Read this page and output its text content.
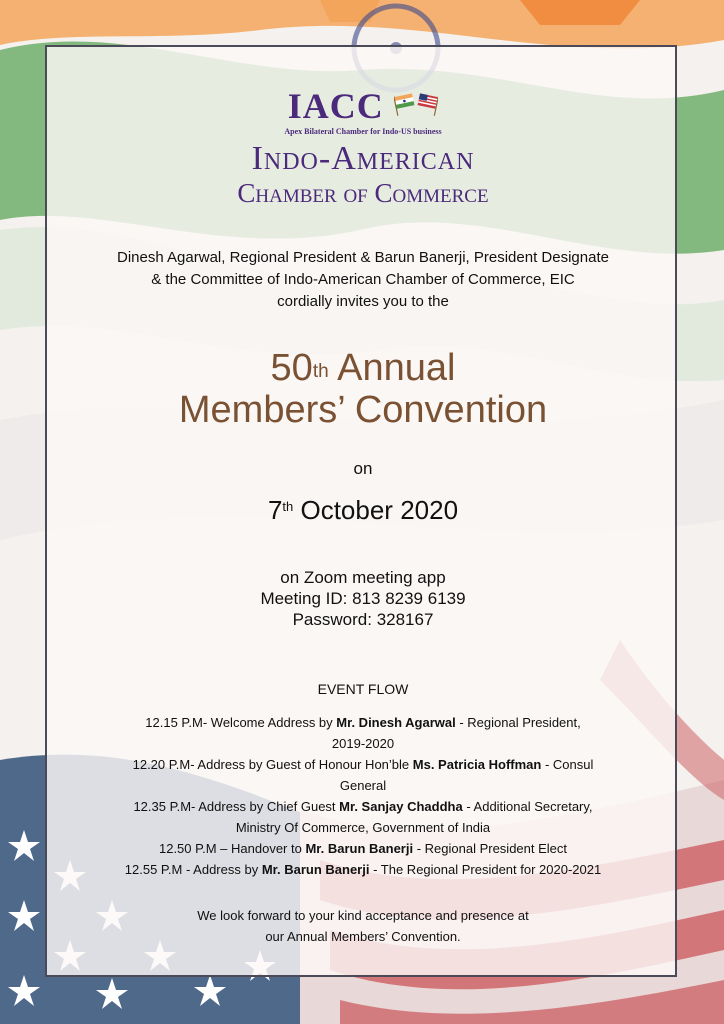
IACC
Apex Bilateral Chamber for Indo-US business
Indo-American
Chamber of Commerce

Dinesh Agarwal, Regional President & Barun Banerji, President Designate

& the Committee of Indo-American Chamber of Commerce, EIC

cordially invites you to the

50th Annual

Members’ Convention

on
7th October 2020

on Zoom meeting app

Meeting ID: 813 8239 6139

Password: 328167

EVENT FLOW

12.15 P.M- Welcome Address by Mr. Dinesh Agarwal - Regional President,

2019-2020

12.20 P.M- Address by Guest of Honour Hon’ble Ms. Patricia Hoffman - Consul

General

12.35 P.M- Address by Chief Guest Mr. Sanjay Chaddha - Additional Secretary,

Ministry Of Commerce, Government of India

12.50 P.M – Handover to Mr. Barun Banerji - Regional President Elect

12.55 P.M - Address by Mr. Barun Banerji - The Regional President for 2020-2021

We look forward to your kind acceptance and presence at

our Annual Members’ Convention.
